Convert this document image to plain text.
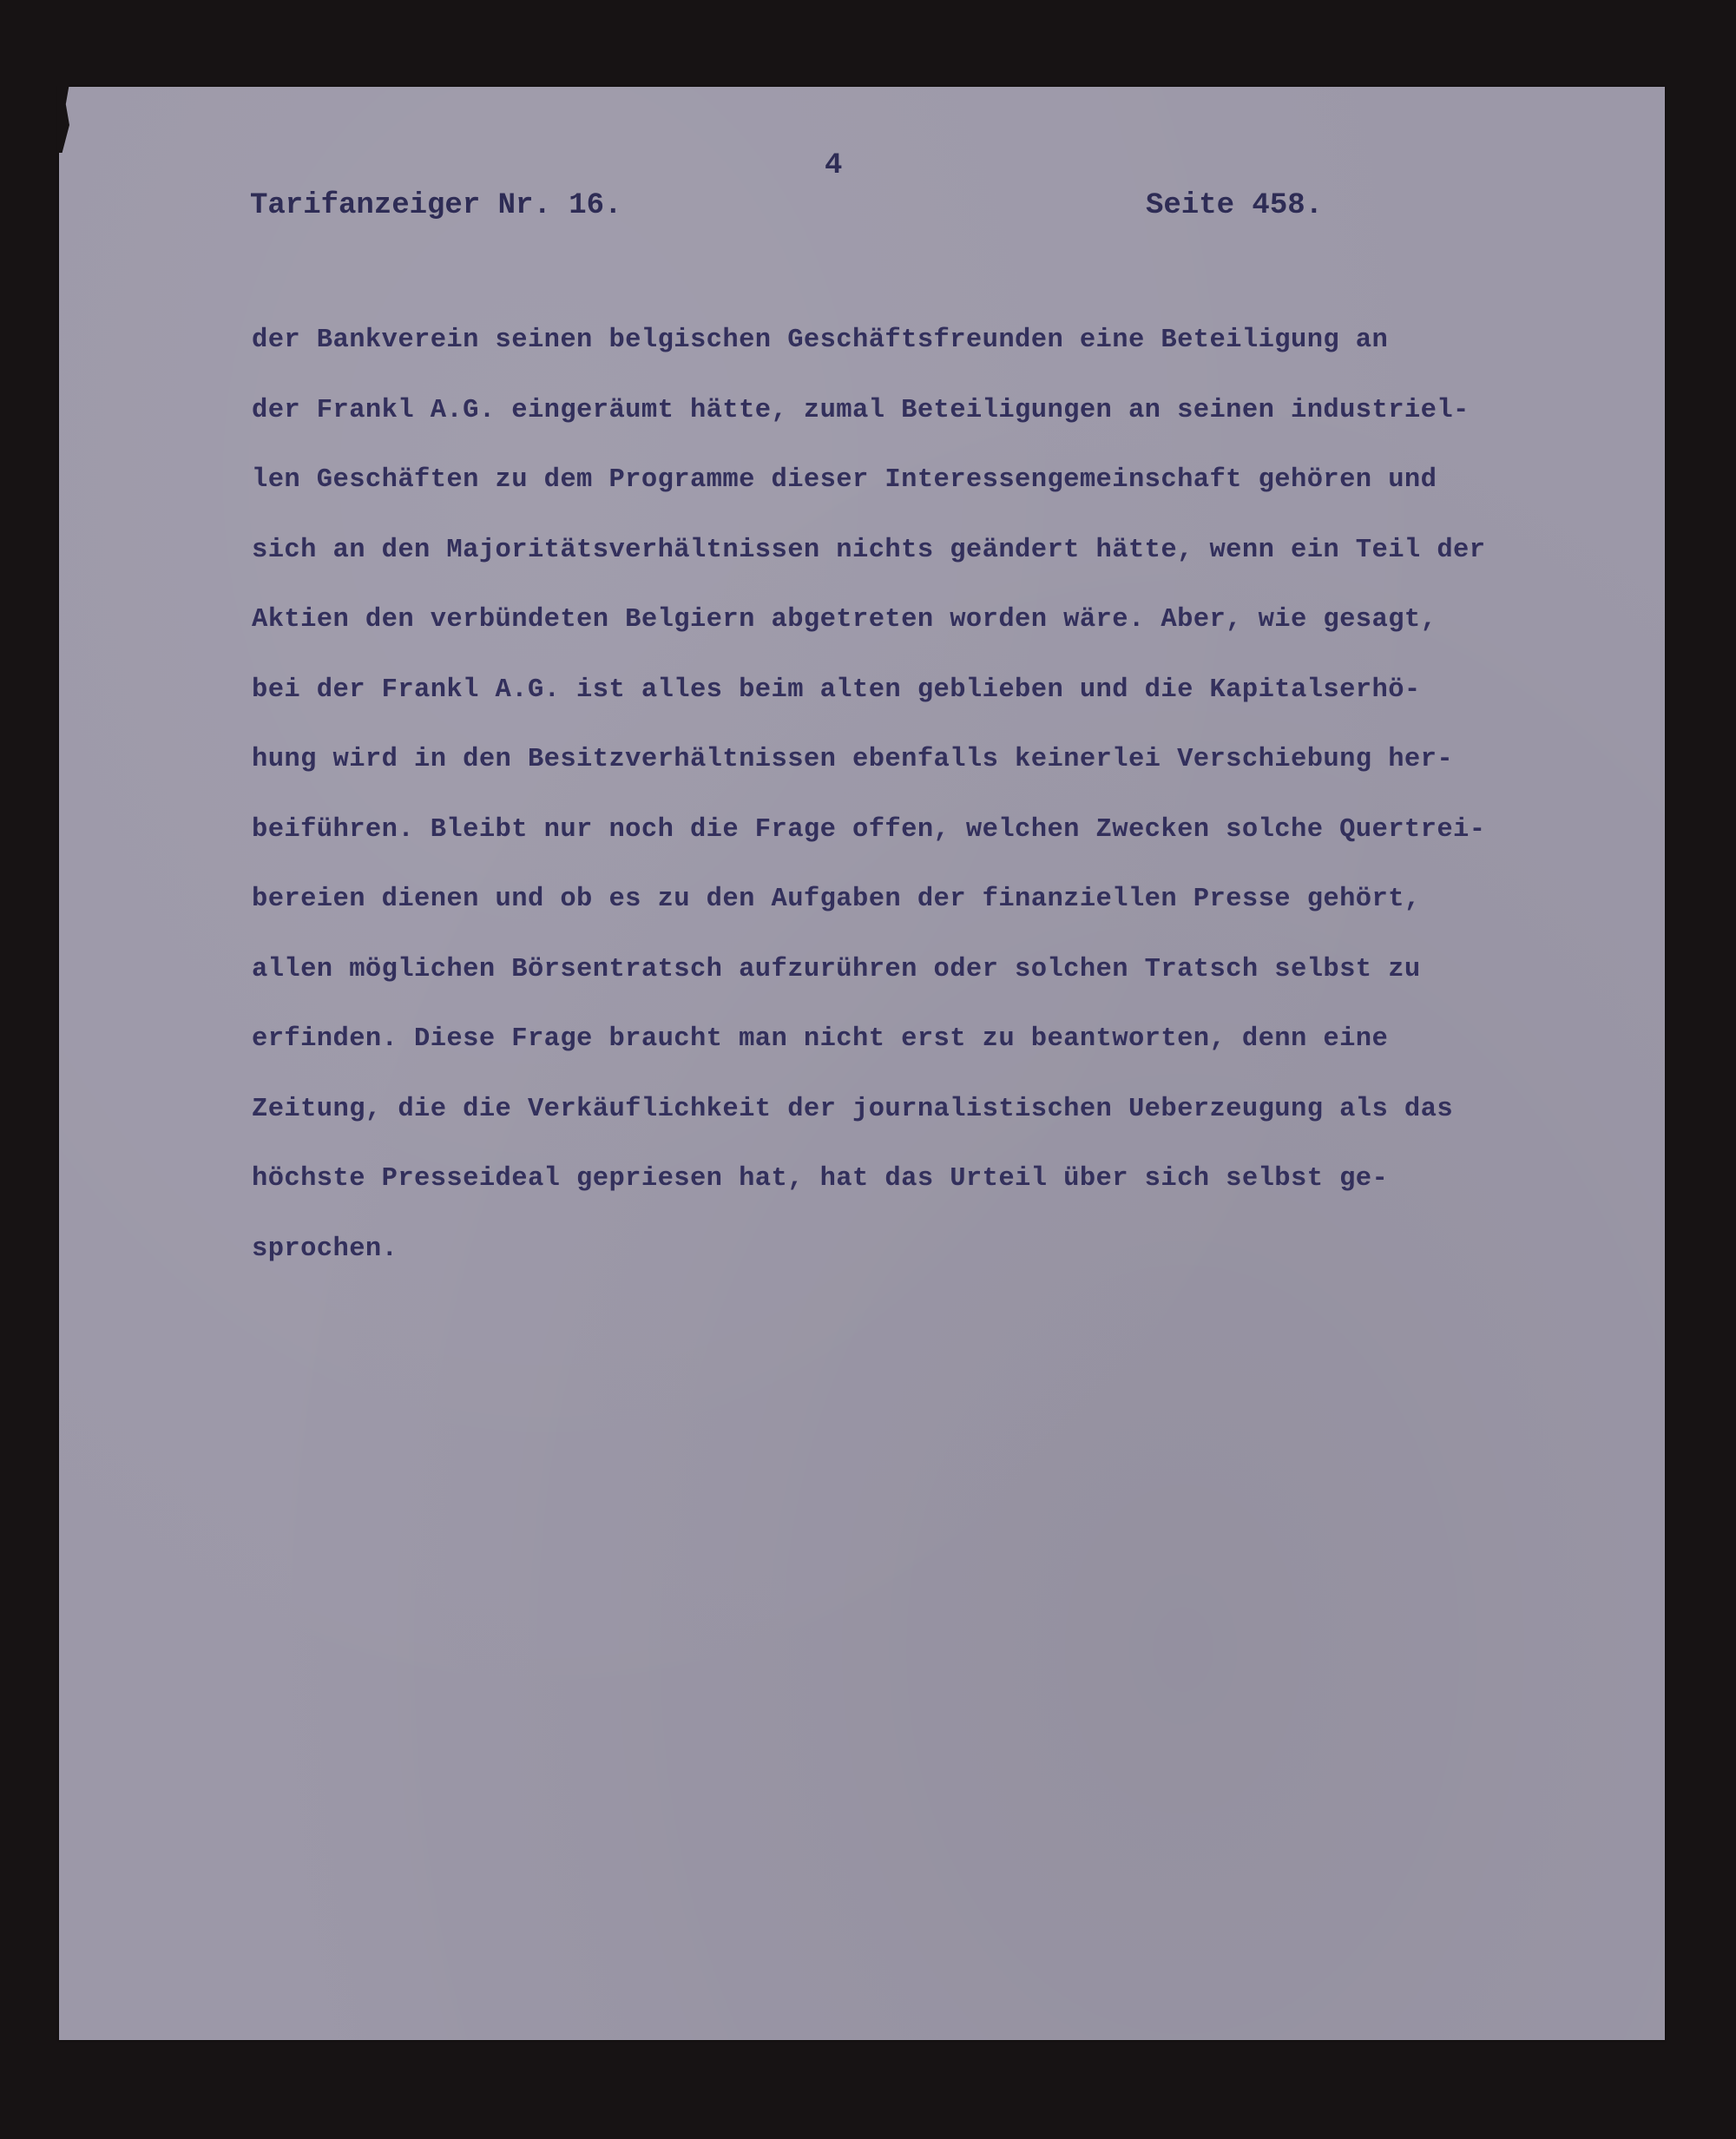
4
Tarifanzeiger Nr. 16.	Seite 458.
der Bankverein seinen belgischen Geschäftsfreunden eine Beteiligung an
der Frankl A.G. eingeräumt hätte, zumal Beteiligungen an seinen industriel-
len Geschäften zu dem Programme dieser Interessengemeinschaft gehören und
sich an den Majoritätsverhältnissen nichts geändert hätte, wenn ein Teil der
Aktien den verbündeten Belgiern abgetreten worden wäre. Aber, wie gesagt,
bei der Frankl A.G. ist alles beim alten geblieben und die Kapitalserhö-
hung wird in den Besitzverhältnissen ebenfalls keinerlei Verschiebung her-
beiführen. Bleibt nur noch die Frage offen, welchen Zwecken solche Quertrei-
bereien dienen und ob es zu den Aufgaben der finanziellen Presse gehört,
allen möglichen Börsentratsch aufzurühren oder solchen Tratsch selbst zu
erfinden. Diese Frage braucht man nicht erst zu beantworten, denn eine
Zeitung, die die Verkäuflichkeit der journalistischen Ueberzeugung als das
höchste Presseideal gepriesen hat, hat das Urteil über sich selbst ge-
sprochen.
